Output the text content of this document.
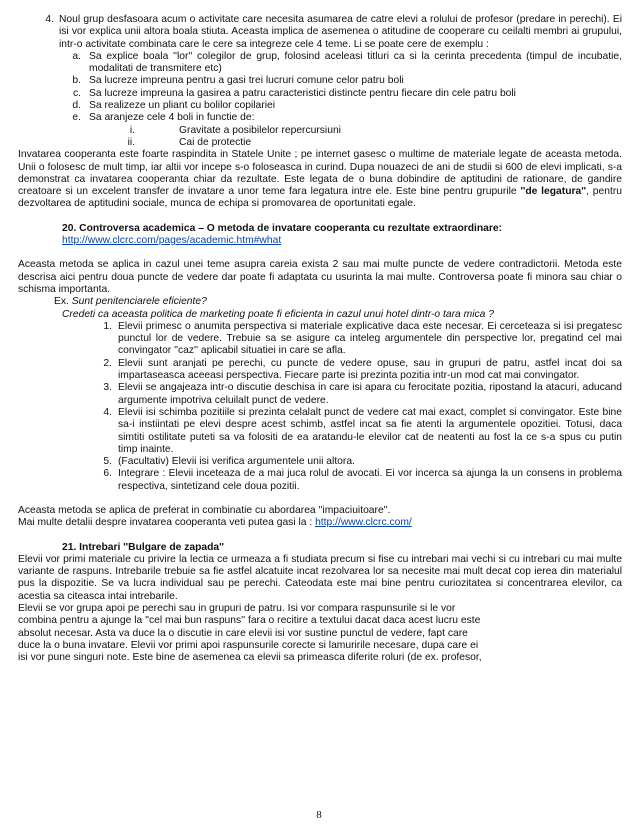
4. Noul grup desfasoara acum o activitate care necesita asumarea de catre elevi a rolului de profesor (predare in perechi). Ei isi vor explica unii altora boala stiuta. Aceasta implica de asemenea o atitudine de cooperare cu ceilalti membri ai grupului, intr-o activitate combinata care le cere sa integreze cele 4 teme. Li se poate cere de exemplu :
a. Sa explice boala ''lor'' colegilor de grup, folosind aceleasi titluri ca si la cerinta precedenta (timpul de incubatie, modalitati de transmitere etc)
b. Sa lucreze impreuna pentru a gasi trei lucruri comune celor patru boli
c. Sa lucreze impreuna la gasirea a patru caracteristici distincte pentru fiecare din cele patru boli
d. Sa realizeze un pliant cu bolilor copilariei
e. Sa aranjeze cele 4 boli in functie de:
i.	Gravitate a posibilelor repercursiuni
ii.	Cai de protectie

Invatarea cooperanta este foarte raspindita in Statele Unite ; pe internet gasesc o multime de materiale legate de aceasta metoda. Unii o folosesc de mult timp, iar altii vor incepe s-o foloseasca in curind. Dupa nouazeci de ani de studii si 600 de elevi implicati, s-a demonstrat ca invatarea cooperanta chiar da rezultate. Este legata de o buna dobindire de aptitudini de rationare, de gandire creatoare si un excelent transfer de invatare a unor teme fara legatura intre ele. Este bine pentru grupurile ''de legatura'', pentru dezvoltarea de aptitudini sociale, munca de echipa si promovarea de oportunitati egale.

20. Controversa academica – O metoda de invatare cooperanta cu rezultate extraordinare:
http://www.clcrc.com/pages/academic.htm#what

Aceasta metoda se aplica in cazul unei teme asupra careia exista 2 sau mai multe puncte de vedere contradictorii. Metoda este descrisa aici pentru doua puncte de vedere dar poate fi adaptata cu usurinta la mai multe. Controversa poate fi minora sau chiar o schisma importanta.

Ex. Sunt penitenciarele eficiente?
Credeti ca aceasta politica de marketing poate fi eficienta in cazul unui hotel dintr-o tara mica ?
1. Elevii primesc o anumita perspectiva si materiale explicative daca este necesar. Ei cerceteaza si isi pregatesc punctul lor de vedere. Trebuie sa se asigure ca inteleg argumentele din perspective lor, pregatind cel mai convingator ''caz'' aplicabil situatiei in care se afla.
2. Elevii sunt aranjati pe perechi, cu puncte de vedere opuse, sau in grupuri de patru, astfel incat doi sa impartaseasca aceeasi perspectiva. Fiecare parte isi prezinta pozitia intr-un mod cat mai convingator.
3. Elevii se angajeaza intr-o discutie deschisa in care isi apara cu ferocitate pozitia, ripostand la atacuri, aducand argumente impotriva celuilalt punct de vedere.
4. Elevii isi schimba pozitiile si prezinta celalalt punct de vedere cat mai exact, complet si convingator. Este bine sa-i instiintati pe elevi despre acest schimb, astfel incat sa fie atenti la argumentele opozitiei. Totusi, daca simtiti ostilitate puteti sa va folositi de ea aratandu-le elevilor cat de neatenti au fost la ce s-a spus cu putin timp inainte.
5. (Facultativ) Elevii isi verifica argumentele unii altora.
6. Integrare : Elevii inceteaza de a mai juca rolul de avocati. Ei vor incerca sa ajunga la un consens in problema respectiva, sintetizand cele doua pozitii.
Aceasta metoda se aplica de preferat in combinatie cu abordarea ''impaciuitoare''.
Mai multe detalii despre invatarea cooperanta veti putea gasi la : http://www.clcrc.com/
21. Intrebari ''Bulgare de zapada''

Elevii vor primi materiale cu privire la lectia ce urmeaza a fi studiata precum si fise cu intrebari mai vechi si cu intrebari cu mai multe variante de raspuns. Intrebarile trebuie sa fie astfel alcatuite incat rezolvarea lor sa necesite mai mult decat cop ierea din materialul pus la dispozitie. Se va lucra individual sau pe perechi. Cateodata este mai bine pentru curiozitatea si concentrarea elevilor, ca acestia sa citeasca intai intrebarile.

Elevii se vor grupa apoi pe perechi sau in grupuri de patru. Isi vor compara raspunsurile si le vor
combina pentru a ajunge la ''cel mai bun raspuns'' fara o recitire a textului dacat daca acest lucru este
absolut necesar. Asta va duce la o discutie in care elevii isi vor sustine punctul de vedere, fapt care
duce la o buna invatare. Elevii vor primi apoi raspunsurile corecte si lamuririle necesare, dupa care ei
isi vor pune singuri note. Este bine de asemenea ca elevii sa primeasca diferite roluri (de ex. profesor,
8
